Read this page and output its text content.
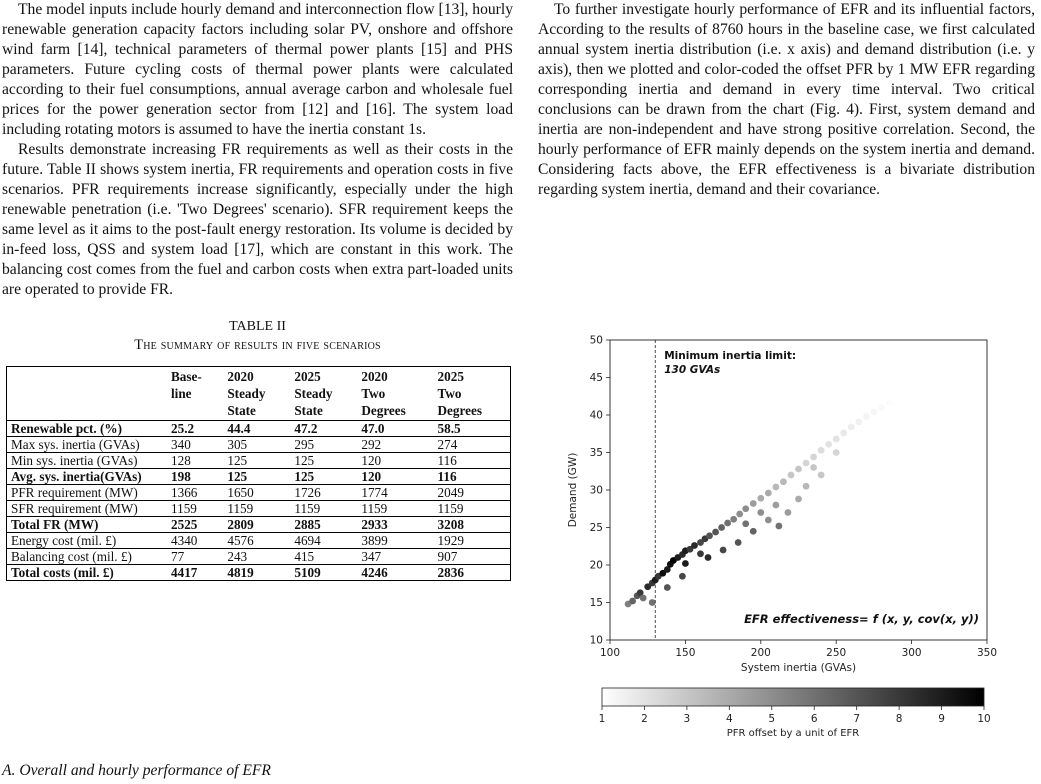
The model inputs include hourly demand and interconnection flow [13], hourly renewable generation capacity factors including solar PV, onshore and offshore wind farm [14], technical parameters of thermal power plants [15] and PHS parameters. Future cycling costs of thermal power plants were calculated according to their fuel consumptions, annual average carbon and wholesale fuel prices for the power generation sector from [12] and [16]. The system load including rotating motors is assumed to have the inertia constant 1s.

Results demonstrate increasing FR requirements as well as their costs in the future. Table II shows system inertia, FR requirements and operation costs in five scenarios. PFR requirements increase significantly, especially under the high renewable penetration (i.e. 'Two Degrees' scenario). SFR requirement keeps the same level as it aims to the post-fault energy restoration. Its volume is decided by in-feed loss, QSS and system load [17], which are constant in this work. The balancing cost comes from the fuel and carbon costs when extra part-loaded units are operated to provide FR.

TABLE II
The summary of results in five scenarios
	Base-	2020	2025	2020	2025
	line	Steady	Steady	Two	Two
		State	State	Degrees	Degrees
Renewable pct. (%)	25.2	44.4	47.2	47.0	58.5
Max sys. inertia (GVAs)	340	305	295	292	274
Min sys. inertia (GVAs)	128	125	125	120	116
Avg. sys. inertia(GVAs)	198	125	125	120	116
PFR requirement (MW)	1366	1650	1726	1774	2049
SFR requirement (MW)	1159	1159	1159	1159	1159
Total FR (MW)	2525	2809	2885	2933	3208
Energy cost (mil. £)	4340	4576	4694	3899	1929
Balancing cost (mil. £)	77	243	415	347	907
Total costs (mil. £)	4417	4819	5109	4246	2836
A. Overall and hourly performance of EFR

To further investigate hourly performance of EFR and its influential factors, According to the results of 8760 hours in the baseline case, we first calculated annual system inertia distribution (i.e. x axis) and demand distribution (i.e. y axis), then we plotted and color-coded the offset PFR by 1 MW EFR regarding corresponding inertia and demand in every time interval. Two critical conclusions can be drawn from the chart (Fig. 4). First, system demand and inertia are non-independent and have strong positive correlation. Second, the hourly performance of EFR mainly depends on the system inertia and demand. Considering facts above, the EFR effectiveness is a bivariate distribution regarding system inertia, demand and their covariance.

100	150	200	250	300	350
10
15
20
25
30
35
40
45
50
System inertia (GVAs)
Demand (GW)
Minimum inertia limit:
130 GVAs
EFR effectiveness= f (x, y, cov(x, y))
1	2	3	4	5	6	7	8	9	10
PFR offset by a unit of EFR
